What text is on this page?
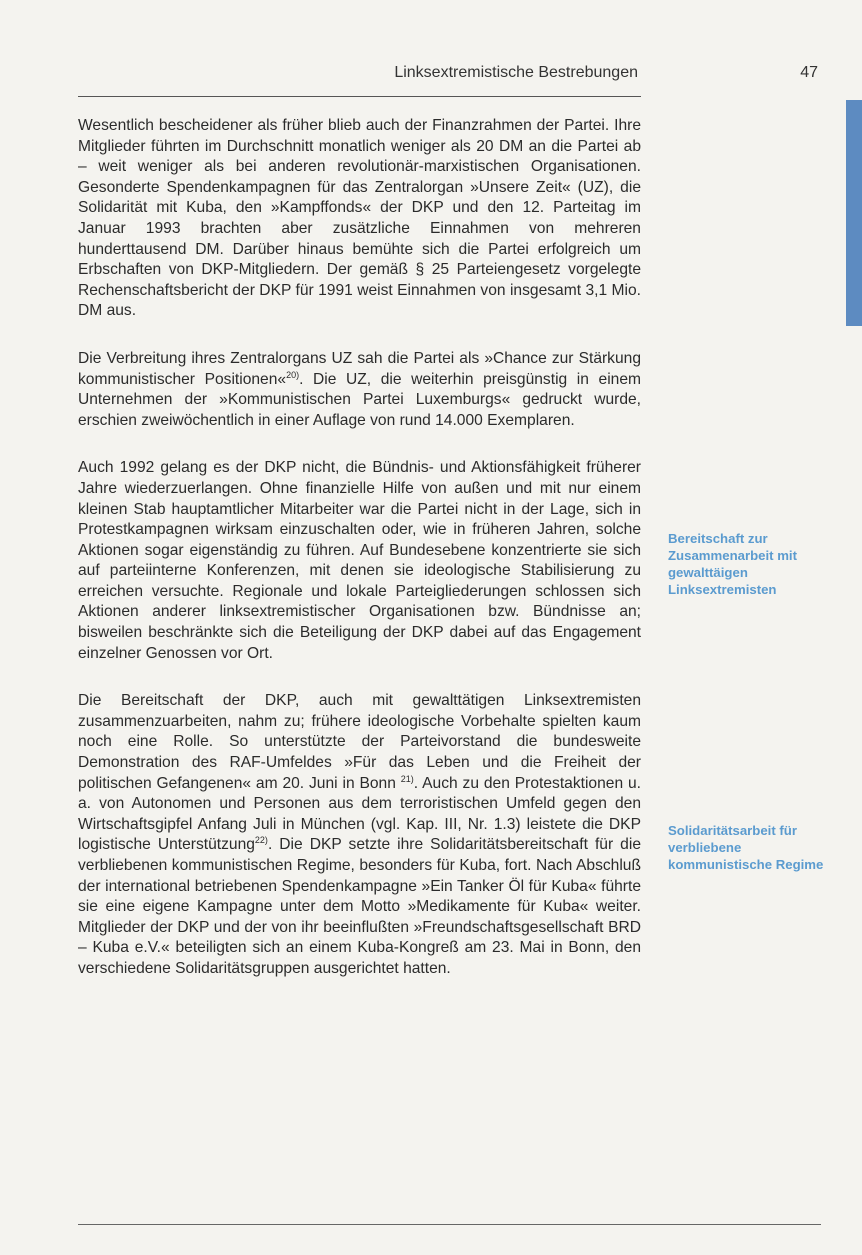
Linksextremistische Bestrebungen	47

Wesentlich bescheidener als früher blieb auch der Finanzrahmen der Partei. Ihre Mitglieder führten im Durchschnitt monatlich weniger als 20 DM an die Partei ab – weit weniger als bei anderen revolutionär-marxistischen Organisationen. Gesonderte Spendenkampagnen für das Zentralorgan »Unsere Zeit« (UZ), die Solidarität mit Kuba, den »Kampffonds« der DKP und den 12. Parteitag im Januar 1993 brachten aber zusätzliche Einnahmen von mehreren hunderttausend DM. Darüber hinaus bemühte sich die Partei erfolgreich um Erbschaften von DKP-Mitgliedern. Der gemäß § 25 Parteiengesetz vorgelegte Rechenschaftsbericht der DKP für 1991 weist Einnahmen von insgesamt 3,1 Mio. DM aus.

Die Verbreitung ihres Zentralorgans UZ sah die Partei als »Chance zur Stärkung kommunistischer Positionen«$^{20)}$. Die UZ, die weiterhin preisgünstig in einem Unternehmen der »Kommunistischen Partei Luxemburgs« gedruckt wurde, erschien zweiwöchentlich in einer Auflage von rund 14.000 Exemplaren.

Auch 1992 gelang es der DKP nicht, die Bündnis- und Aktionsfähigkeit früherer Jahre wiederzuerlangen. Ohne finanzielle Hilfe von außen und mit nur einem kleinen Stab hauptamtlicher Mitarbeiter war die Partei nicht in der Lage, sich in Protestkampagnen wirksam einzuschalten oder, wie in früheren Jahren, solche Aktionen sogar eigenständig zu führen. Auf Bundesebene konzentrierte sie sich auf parteiinterne Konferenzen, mit denen sie ideologische Stabilisierung zu erreichen versuchte. Regionale und lokale Parteigliederungen schlossen sich Aktionen anderer linksextremistischer Organisationen bzw. Bündnisse an; bisweilen beschränkte sich die Beteiligung der DKP dabei auf das Engagement einzelner Genossen vor Ort.

Die Bereitschaft der DKP, auch mit gewalttätigen Linksextremisten zusammenzuarbeiten, nahm zu; frühere ideologische Vorbehalte spielten kaum noch eine Rolle. So unterstützte der Parteivorstand die bundesweite Demonstration des RAF-Umfeldes »Für das Leben und die Freiheit der politischen Gefangenen« am 20. Juni in Bonn $^{21)}$. Auch zu den Protestaktionen u. a. von Autonomen und Personen aus dem terroristischen Umfeld gegen den Wirtschaftsgipfel Anfang Juli in München (vgl. Kap. III, Nr. 1.3) leistete die DKP logistische Unterstützung$^{22)}$. Die DKP setzte ihre Solidaritätsbereitschaft für die verbliebenen kommunistischen Regime, besonders für Kuba, fort. Nach Abschluß der international betriebenen Spendenkampagne »Ein Tanker Öl für Kuba« führte sie eine eigene Kampagne unter dem Motto »Medikamente für Kuba« weiter. Mitglieder der DKP und der von ihr beeinflußten »Freundschaftsgesellschaft BRD – Kuba e.V.« beteiligten sich an einem Kuba-Kongreß am 23. Mai in Bonn, den verschiedene Solidaritätsgruppen ausgerichtet hatten.

Bereitschaft zur Zusammenarbeit mit gewalttäigen Linksextremisten
Solidaritätsarbeit für verbliebene kommunistische Regime
